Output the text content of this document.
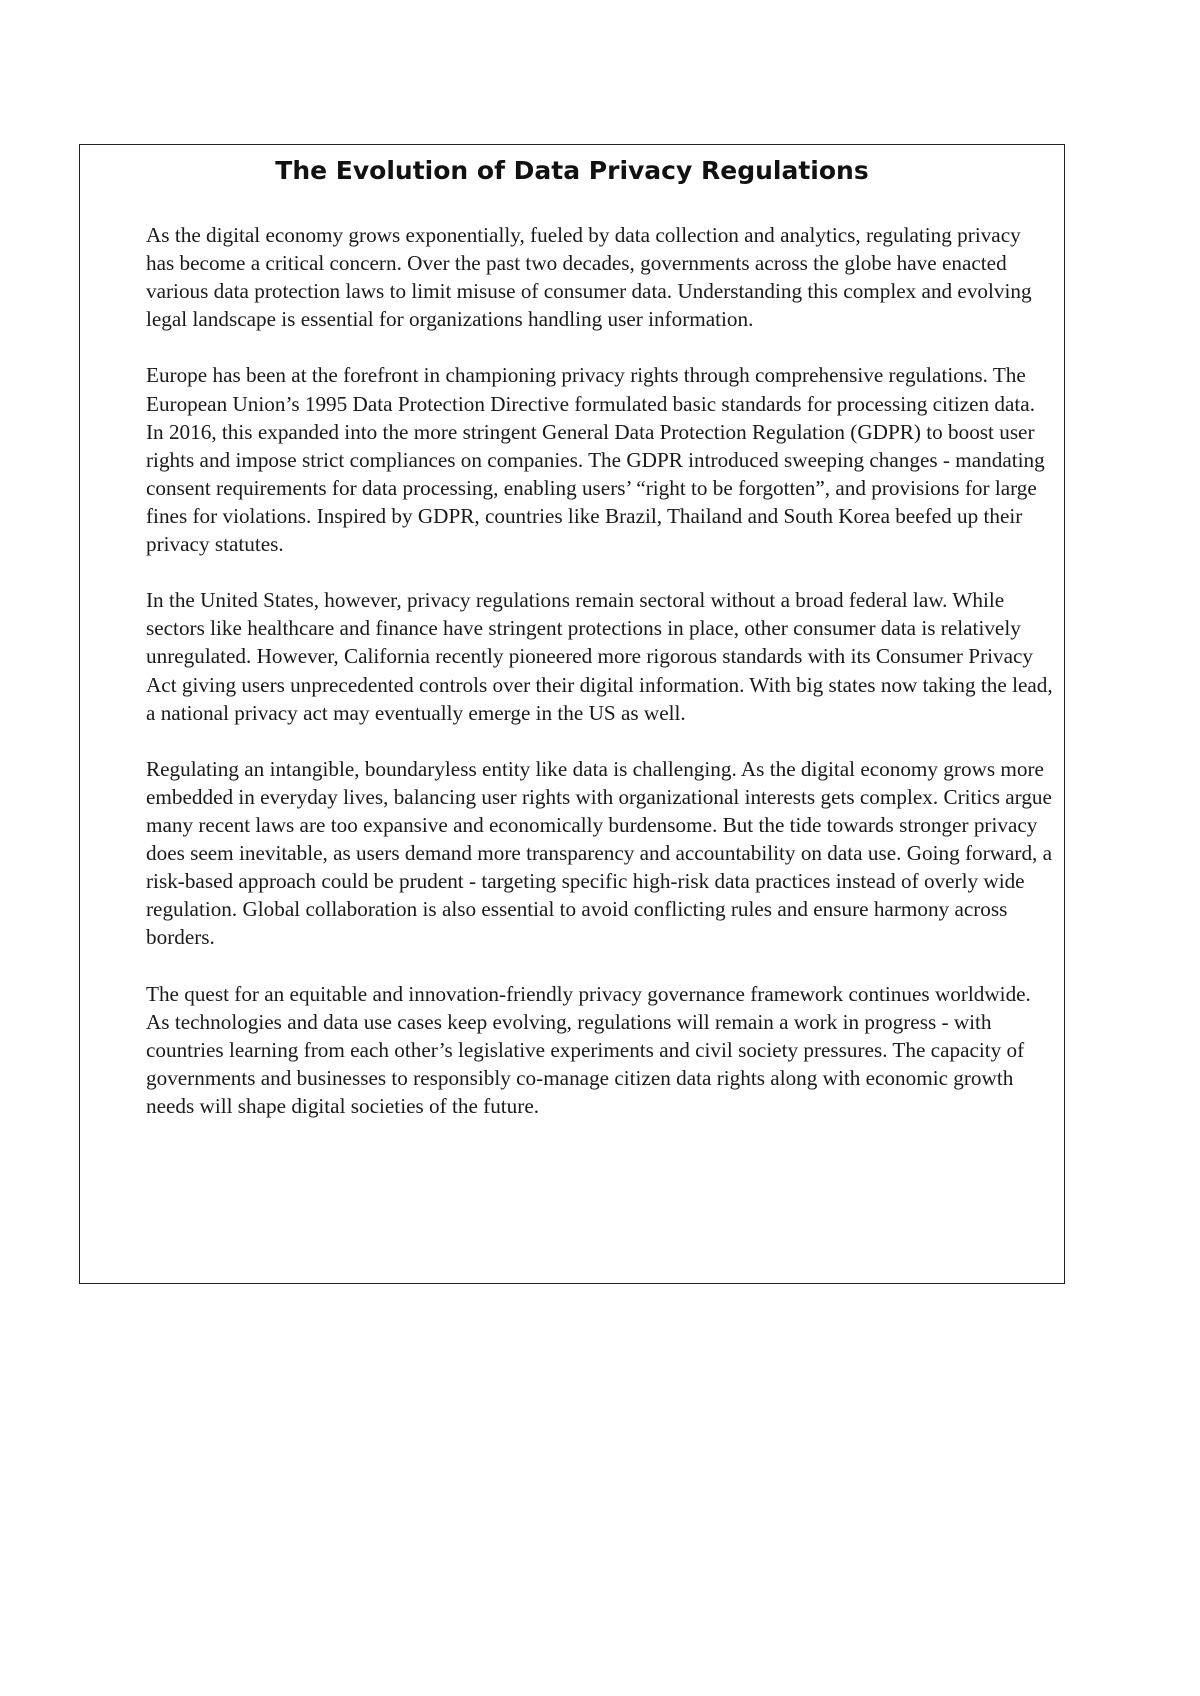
The Evolution of Data Privacy Regulations

As the digital economy grows exponentially, fueled by data collection and analytics, regulating privacy has become a critical concern. Over the past two decades, governments across the globe have enacted various data protection laws to limit misuse of consumer data. Understanding this complex and evolving legal landscape is essential for organizations handling user information.

Europe has been at the forefront in championing privacy rights through comprehensive regulations. The European Union’s 1995 Data Protection Directive formulated basic standards for processing citizen data. In 2016, this expanded into the more stringent General Data Protection Regulation (GDPR) to boost user rights and impose strict compliances on companies. The GDPR introduced sweeping changes - mandating consent requirements for data processing, enabling users’ “right to be forgotten”, and provisions for large fines for violations. Inspired by GDPR, countries like Brazil, Thailand and South Korea beefed up their privacy statutes.

In the United States, however, privacy regulations remain sectoral without a broad federal law. While sectors like healthcare and finance have stringent protections in place, other consumer data is relatively unregulated. However, California recently pioneered more rigorous standards with its Consumer Privacy Act giving users unprecedented controls over their digital information. With big states now taking the lead, a national privacy act may eventually emerge in the US as well.

Regulating an intangible, boundaryless entity like data is challenging. As the digital economy grows more embedded in everyday lives, balancing user rights with organizational interests gets complex. Critics argue many recent laws are too expansive and economically burdensome. But the tide towards stronger privacy does seem inevitable, as users demand more transparency and accountability on data use. Going forward, a risk-based approach could be prudent - targeting specific high-risk data practices instead of overly wide regulation. Global collaboration is also essential to avoid conflicting rules and ensure harmony across borders.

The quest for an equitable and innovation-friendly privacy governance framework continues worldwide. As technologies and data use cases keep evolving, regulations will remain a work in progress - with countries learning from each other’s legislative experiments and civil society pressures. The capacity of governments and businesses to responsibly co-manage citizen data rights along with economic growth needs will shape digital societies of the future.
